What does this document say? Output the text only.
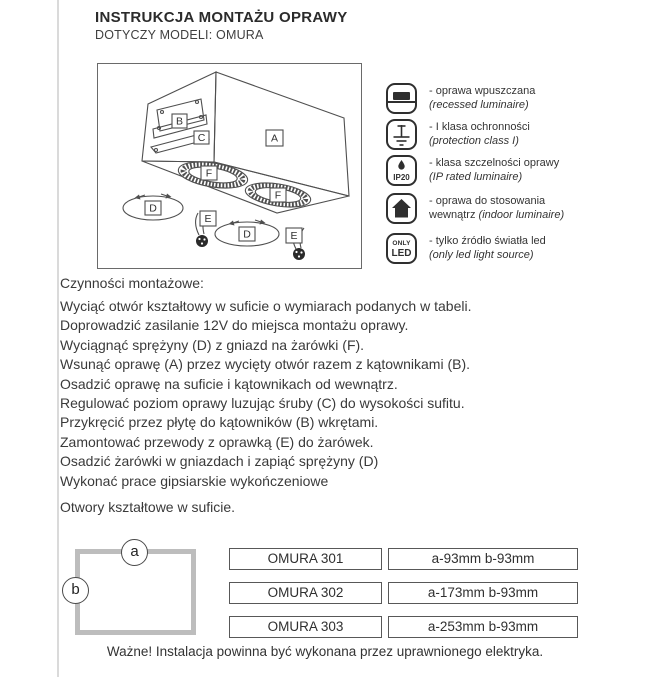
INSTRUKCJA MONTAŻU OPRAWY
DOTYCZY MODELI: OMURA
A
B
C
F
F
D
D
E
E
- oprawa wpuszczana
(recessed luminaire)
- I klasa ochronności
(protection class I)
IP20
- klasa szczelności oprawy
(IP rated luminaire)
- oprawa do stosowania
wewnątrz (indoor luminaire)
ONLY
LED
- tylko źródło światła led
(only led light source)
Czynności montażowe:
Wyciąć otwór kształtowy w suficie o wymiarach podanych w tabeli.
Doprowadzić zasilanie 12V do miejsca montażu oprawy.
Wyciągnąć sprężyny (D) z gniazd na żarówki (F).
Wsunąć oprawę (A) przez wycięty otwór razem z kątownikami (B).
Osadzić oprawę na suficie i kątownikach od wewnątrz.
Regulować poziom oprawy luzując śruby (C) do wysokości sufitu.
Przykręcić przez płytę do kątowników (B) wkrętami.
Zamontować przewody z oprawką (E) do żarówek.
Osadzić żarówki w gniazdach i zapiąć sprężyny (D)
Wykonać prace gipsiarskie wykończeniowe
Otwory kształtowe w suficie.
a
b
OMURA 301	a-93mm b-93mm
OMURA 302	a-173mm b-93mm
OMURA 303	a-253mm b-93mm
Ważne! Instalacja powinna być wykonana przez uprawnionego elektryka.
